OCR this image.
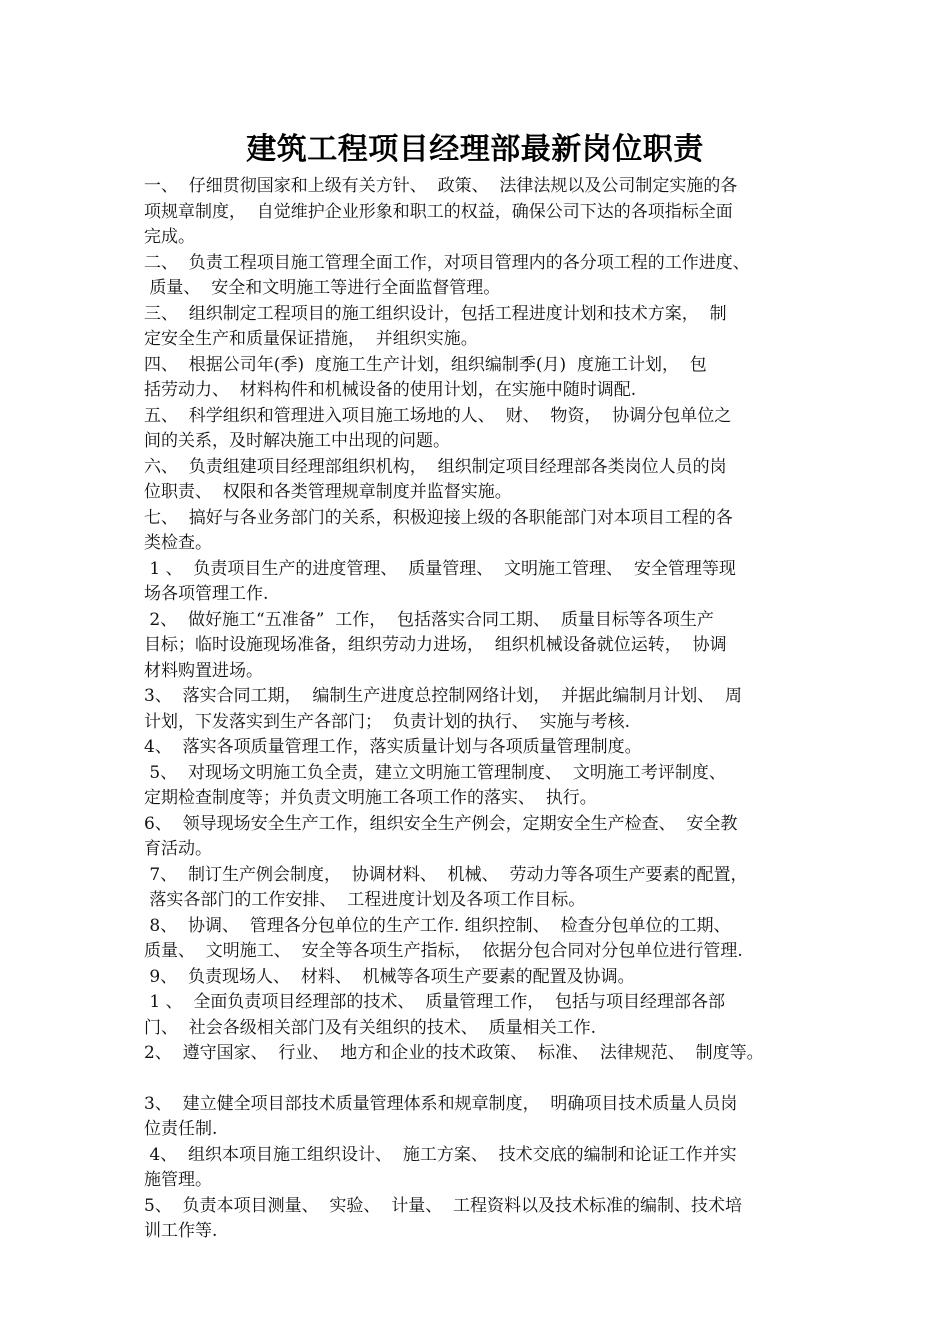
建筑工程项目经理部最新岗位职责
一、  仔细贯彻国家和上级有关方针、  政策、  法律法规以及公司制定实施的各
项规章制度，  自觉维护企业形象和职工的权益，确保公司下达的各项指标全面
完成。
二、  负责工程项目施工管理全面工作，对项目管理内的各分项工程的工作进度、
质量、  安全和文明施工等进行全面监督管理。
三、  组织制定工程项目的施工组织设计，包括工程进度计划和技术方案，  制
定安全生产和质量保证措施，  并组织实施。
四、  根据公司年(季)  度施工生产计划，组织编制季(月)  度施工计划，  包
括劳动力、  材料构件和机械设备的使用计划，在实施中随时调配.
五、  科学组织和管理进入项目施工场地的人、  财、  物资，  协调分包单位之
间的关系，及时解决施工中出现的问题。
六、  负责组建项目经理部组织机构，  组织制定项目经理部各类岗位人员的岗
位职责、  权限和各类管理规章制度并监督实施。
七、  搞好与各业务部门的关系，积极迎接上级的各职能部门对本项目工程的各
类检查。
1 、  负责项目生产的进度管理、  质量管理、  文明施工管理、  安全管理等现
场各项管理工作.
2、  做好施工“五准备”  工作，  包括落实合同工期、  质量目标等各项生产
目标；临时设施现场准备，组织劳动力进场，  组织机械设备就位运转，  协调
材料购置进场。
3、  落实合同工期，  编制生产进度总控制网络计划，  并据此编制月计划、  周
计划，下发落实到生产各部门；  负责计划的执行、  实施与考核.
4、  落实各项质量管理工作，落实质量计划与各项质量管理制度。
5、  对现场文明施工负全责，建立文明施工管理制度、  文明施工考评制度、
定期检查制度等；并负责文明施工各项工作的落实、  执行。
6、  领导现场安全生产工作，组织安全生产例会，定期安全生产检查、  安全教
育活动。
7、  制订生产例会制度，  协调材料、  机械、  劳动力等各项生产要素的配置，
落实各部门的工作安排、  工程进度计划及各项工作目标。
8、  协调、  管理各分包单位的生产工作. 组织控制、  检查分包单位的工期、
质量、  文明施工、  安全等各项生产指标，  依据分包合同对分包单位进行管理.
9、  负责现场人、  材料、  机械等各项生产要素的配置及协调。
1 、  全面负责项目经理部的技术、  质量管理工作，  包括与项目经理部各部
门、  社会各级相关部门及有关组织的技术、  质量相关工作.
2、  遵守国家、  行业、  地方和企业的技术政策、  标准、  法律规范、  制度等。
3、  建立健全项目部技术质量管理体系和规章制度，  明确项目技术质量人员岗
位责任制.
4、  组织本项目施工组织设计、  施工方案、  技术交底的编制和论证工作并实
施管理。
5、  负责本项目测量、  实验、  计量、  工程资料以及技术标准的编制、技术培
训工作等.
